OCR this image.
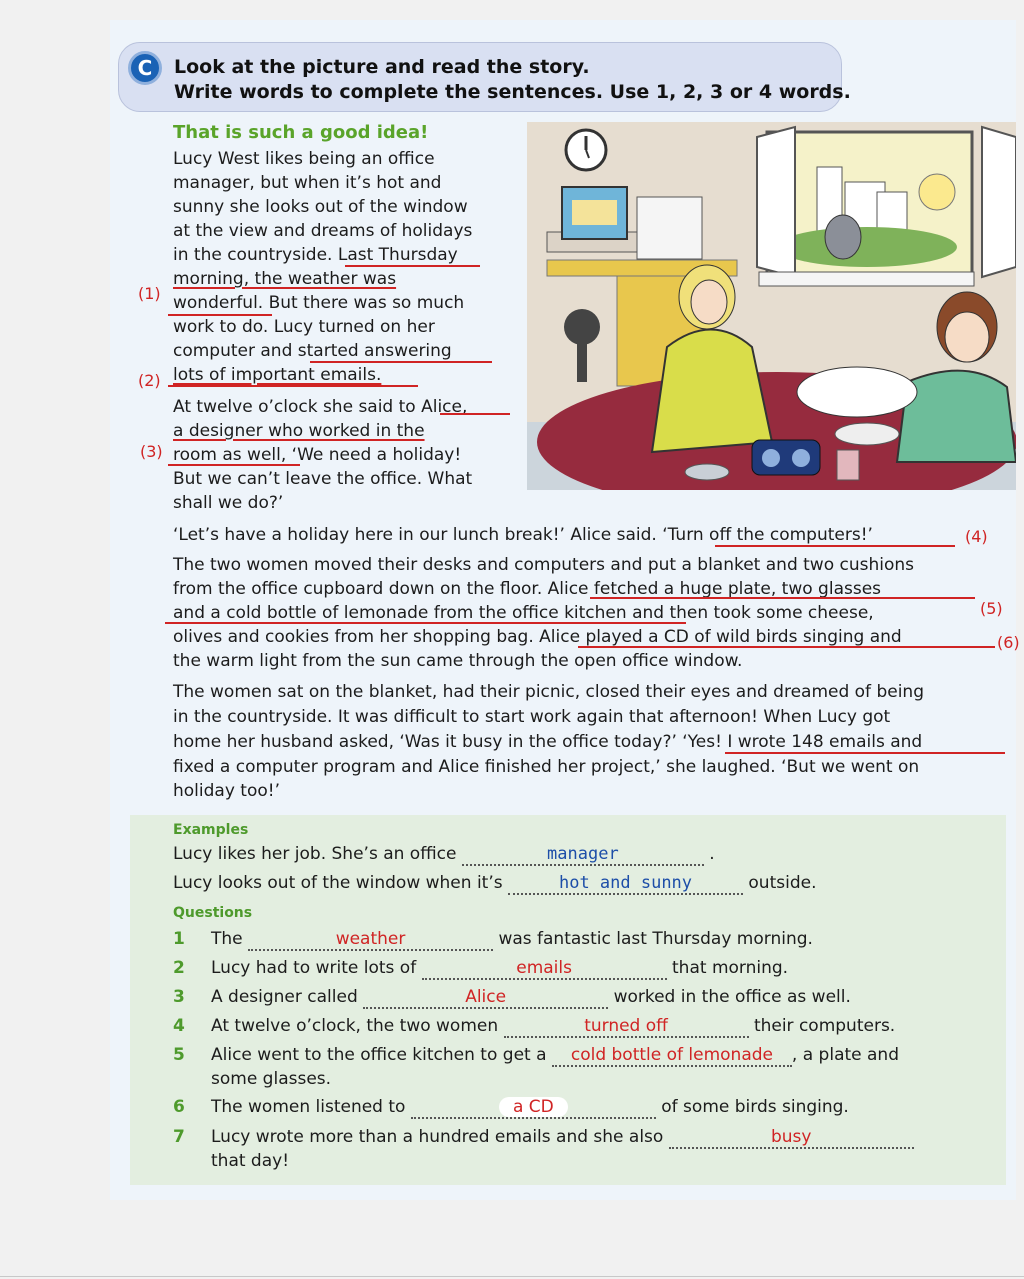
C	Look at the picture and read the story.
Write words to complete the sentences. Use 1, 2, 3 or 4 words.
That is such a good idea!
Lucy West likes being an office
manager, but when it’s hot and
sunny she looks out of the window
at the view and dreams of holidays
in the countryside. Last Thursday
morning, the weather was
wonderful. But there was so much
work to do. Lucy turned on her
computer and started answering
lots of important emails.
At twelve o’clock she said to Alice,
a designer who worked in the
room as well, ‘We need a holiday!
But we can’t leave the office. What
shall we do?’
‘Let’s have a holiday here in our lunch break!’ Alice said. ‘Turn off the computers!’
The two women moved their desks and computers and put a blanket and two cushions
from the office cupboard down on the floor. Alice fetched a huge plate, two glasses
and a cold bottle of lemonade from the office kitchen and then took some cheese,
olives and cookies from her shopping bag. Alice played a CD of wild birds singing and
the warm light from the sun came through the open office window.
The women sat on the blanket, had their picnic, closed their eyes and dreamed of being
in the countryside. It was difficult to start work again that afternoon! When Lucy got
home her husband asked, ‘Was it busy in the office today?’ ‘Yes! I wrote 148 emails and
fixed a computer program and Alice finished her project,’ she laughed. ‘But we went on
holiday too!’
(1)
(2)
(3)
(4)
(5)
(6)
Examples
Lucy likes her job. She’s an office	manager	.
Lucy looks out of the window when it’s	hot and sunny	outside.
Questions
1 The	weather	was fantastic last Thursday morning.
2 Lucy had to write lots of	emails	that morning.
3 A designer called	Alice	worked in the office as well.
4 At twelve o’clock, the two women	turned off	their computers.
5 Alice went to the office kitchen to get a cold bottle of lemonade , a plate and
some glasses.
6 The women listened to	a CD	of some birds singing.
7 Lucy wrote more than a hundred emails and she also	busy
that day!
